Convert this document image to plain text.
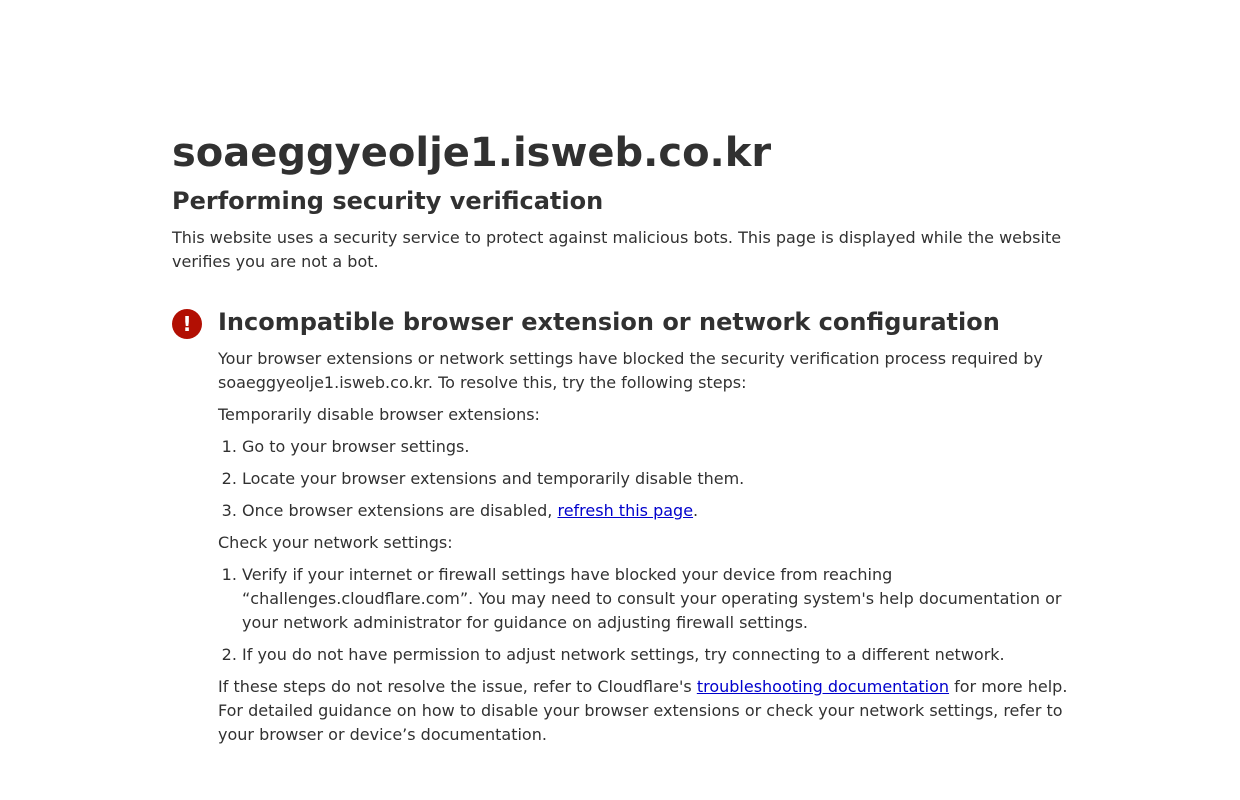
soaeggyeolje1.isweb.co.kr
Performing security verification

This website uses a security service to protect against malicious bots. This page is displayed while the website verifies you are not a bot.

!	Incompatible browser extension or network configuration

Your browser extensions or network settings have blocked the security verification process required by soaeggyeolje1.isweb.co.kr. To resolve this, try the following steps:

Temporarily disable browser extensions:

1. Go to your browser settings.
2. Locate your browser extensions and temporarily disable them.
3. Once browser extensions are disabled, refresh this page.

Check your network settings:

1. Verify if your internet or firewall settings have blocked your device from reaching “challenges.cloudflare.com”. You may need to consult your operating system's help documentation or your network administrator for guidance on adjusting firewall settings.
2. If you do not have permission to adjust network settings, try connecting to a different network.

If these steps do not resolve the issue, refer to Cloudflare's troubleshooting documentation for more help. For detailed guidance on how to disable your browser extensions or check your network settings, refer to your browser or device’s documentation.
